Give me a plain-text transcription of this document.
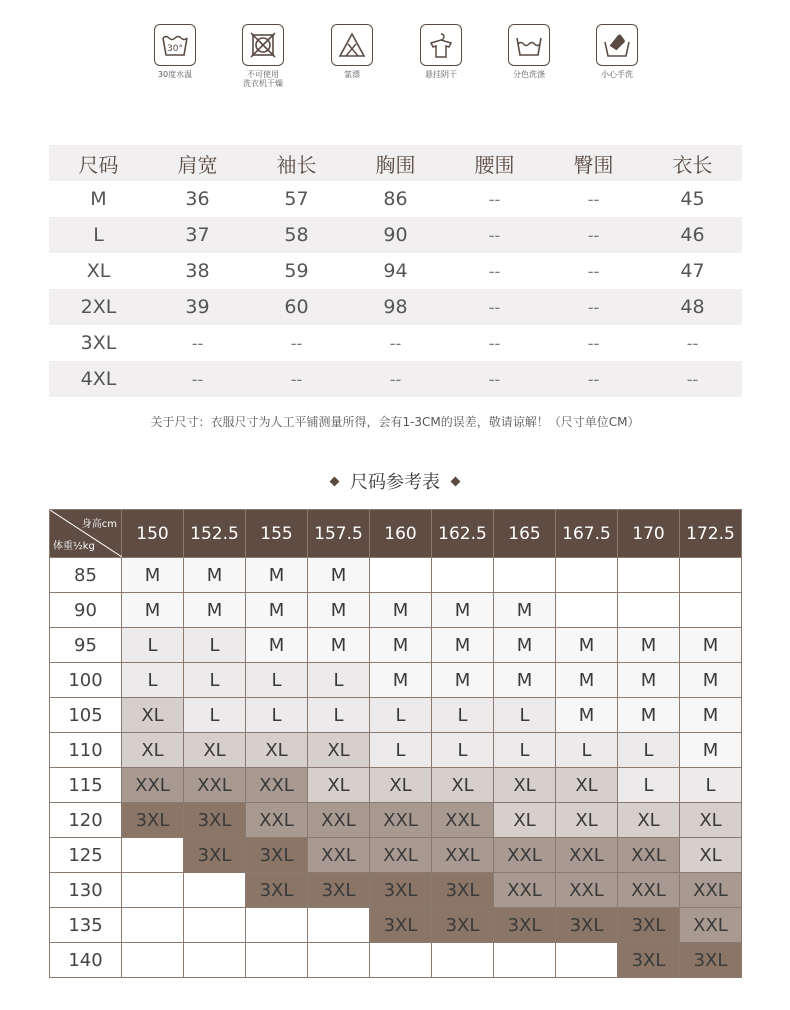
30°
30度水温	不可使用
洗衣机干燥
氯漂	悬挂阴干	分色洗涤	小心手洗
尺码	肩宽	袖长	胸围	腰围	臀围	衣长
M	36	57	86	--	--	45
L	37	58	90	--	--	46
XL	38	59	94	--	--	47
2XL	39	60	98	--	--	48
3XL	--	--	--	--	--	--
4XL	--	--	--	--	--	--
关于尺寸：衣服尺寸为人工平铺测量所得，会有1-3CM的误差，敬请谅解！（尺寸单位CM）
尺码参考表
身高cm
体重½kg	150	152.5	155	157.5	160	162.5	165	167.5	170	172.5
85	M	M	M	M						
90	M	M	M	M	M	M	M			
95	L	L	M	M	M	M	M	M	M	M
100	L	L	L	L	M	M	M	M	M	M
105	XL	L	L	L	L	L	L	M	M	M
110	XL	XL	XL	XL	L	L	L	L	L	M
115	XXL	XXL	XXL	XL	XL	XL	XL	XL	L	L
120	3XL	3XL	XXL	XXL	XXL	XXL	XL	XL	XL	XL
125		3XL	3XL	XXL	XXL	XXL	XXL	XXL	XXL	XL
130			3XL	3XL	3XL	3XL	XXL	XXL	XXL	XXL
135					3XL	3XL	3XL	3XL	3XL	XXL
140									3XL	3XL
